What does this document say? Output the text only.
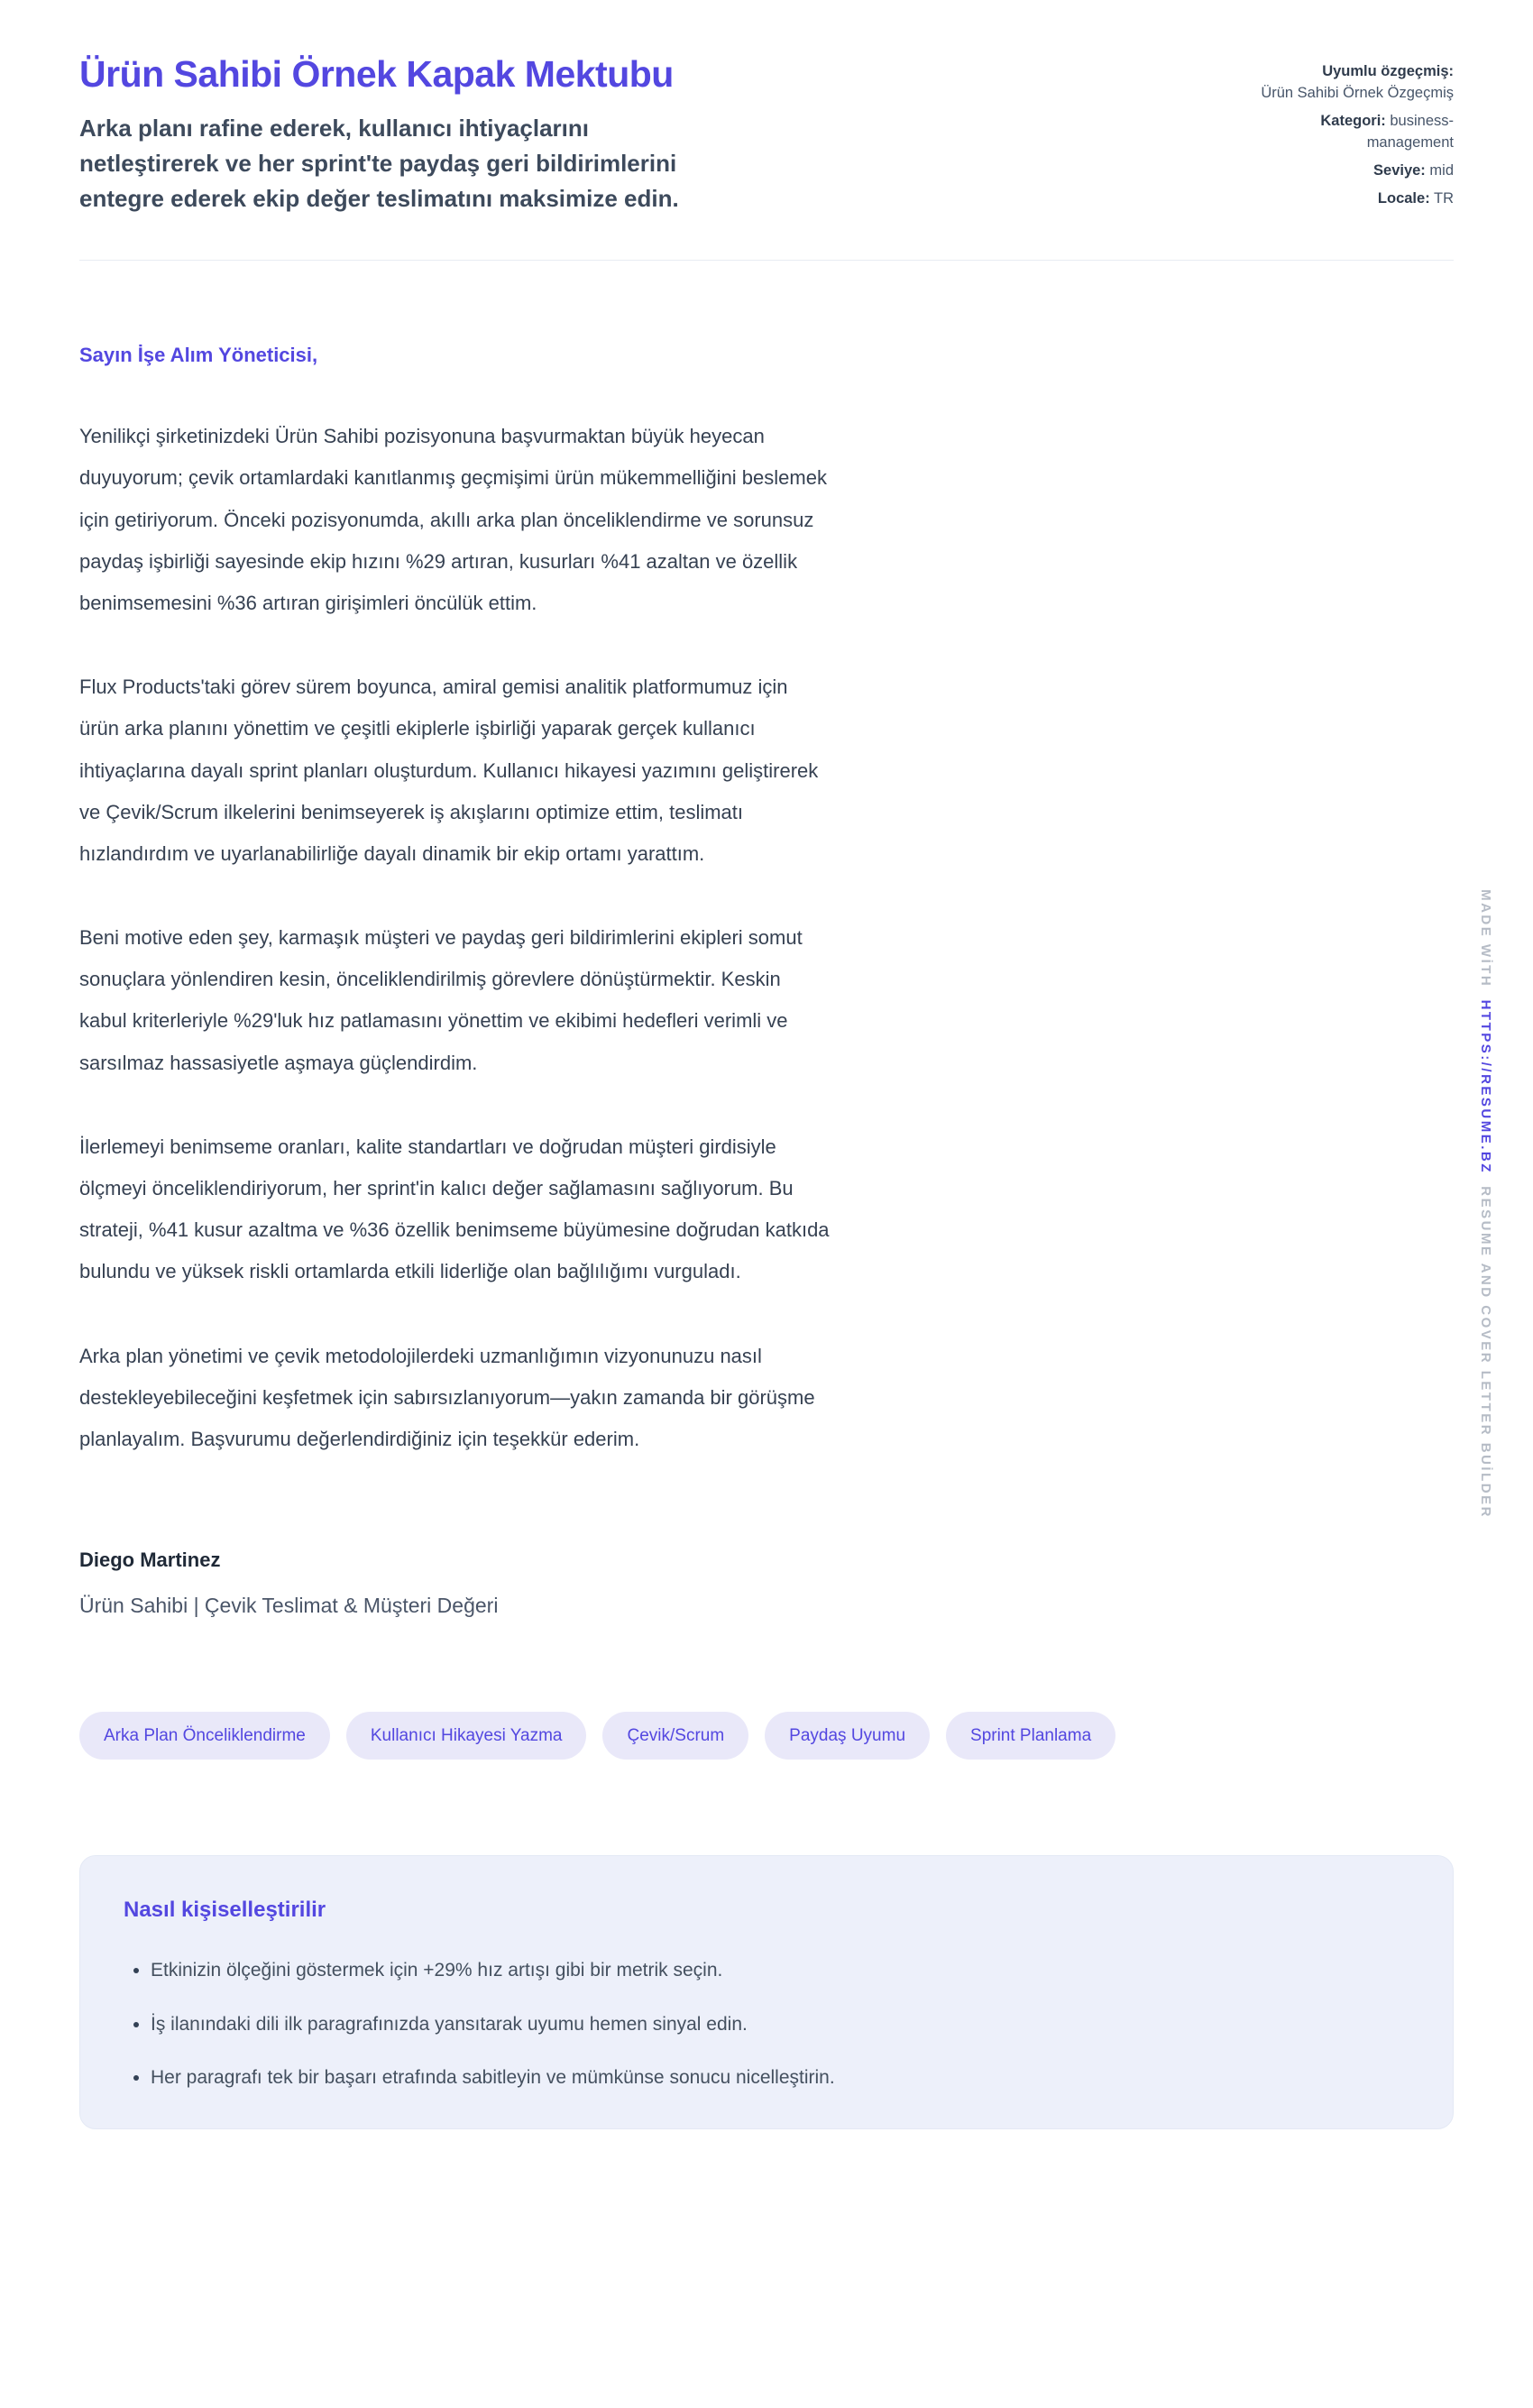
Ürün Sahibi Örnek Kapak Mektubu

Arka planı rafine ederek, kullanıcı ihtiyaçlarını netleştirerek ve her sprint'te paydaş geri bildirimlerini entegre ederek ekip değer teslimatını maksimize edin.

Uyumlu özgeçmiş:
Ürün Sahibi Örnek Özgeçmiş
Kategori: business-management
Seviye: mid
Locale: TR

Sayın İşe Alım Yöneticisi,

Yenilikçi şirketinizdeki Ürün Sahibi pozisyonuna başvurmaktan büyük heyecan duyuyorum; çevik ortamlardaki kanıtlanmış geçmişimi ürün mükemmelliğini beslemek için getiriyorum. Önceki pozisyonumda, akıllı arka plan önceliklendirme ve sorunsuz paydaş işbirliği sayesinde ekip hızını %29 artıran, kusurları %41 azaltan ve özellik benimsemesini %36 artıran girişimleri öncülük ettim.

Flux Products'taki görev sürem boyunca, amiral gemisi analitik platformumuz için ürün arka planını yönettim ve çeşitli ekiplerle işbirliği yaparak gerçek kullanıcı ihtiyaçlarına dayalı sprint planları oluşturdum. Kullanıcı hikayesi yazımını geliştirerek ve Çevik/Scrum ilkelerini benimseyerek iş akışlarını optimize ettim, teslimatı hızlandırdım ve uyarlanabilirliğe dayalı dinamik bir ekip ortamı yarattım.

Beni motive eden şey, karmaşık müşteri ve paydaş geri bildirimlerini ekipleri somut sonuçlara yönlendiren kesin, önceliklendirilmiş görevlere dönüştürmektir. Keskin kabul kriterleriyle %29'luk hız patlamasını yönettim ve ekibimi hedefleri verimli ve sarsılmaz hassasiyetle aşmaya güçlendirdim.

İlerlemeyi benimseme oranları, kalite standartları ve doğrudan müşteri girdisiyle ölçmeyi önceliklendiriyorum, her sprint'in kalıcı değer sağlamasını sağlıyorum. Bu strateji, %41 kusur azaltma ve %36 özellik benimseme büyümesine doğrudan katkıda bulundu ve yüksek riskli ortamlarda etkili liderliğe olan bağlılığımı vurguladı.

Arka plan yönetimi ve çevik metodolojilerdeki uzmanlığımın vizyonunuzu nasıl destekleyebileceğini keşfetmek için sabırsızlanıyorum—yakın zamanda bir görüşme planlayalım. Başvurumu değerlendirdiğiniz için teşekkür ederim.

Diego Martinez

Ürün Sahibi | Çevik Teslimat & Müşteri Değeri

Arka Plan Önceliklendirme	Kullanıcı Hikayesi Yazma	Çevik/Scrum	Paydaş Uyumu	Sprint Planlama
Nasıl kişiselleştirilir
• Etkinizin ölçeğini göstermek için +29% hız artışı gibi bir metrik seçin.
• İş ilanındaki dili ilk paragrafınızda yansıtarak uyumu hemen sinyal edin.
• Her paragrafı tek bir başarı etrafında sabitleyin ve mümkünse sonucu nicelleştirin.
MADE WİTH  HTTPS://RESUME.BZ  RESUME AND COVER LETTER BUİLDER
